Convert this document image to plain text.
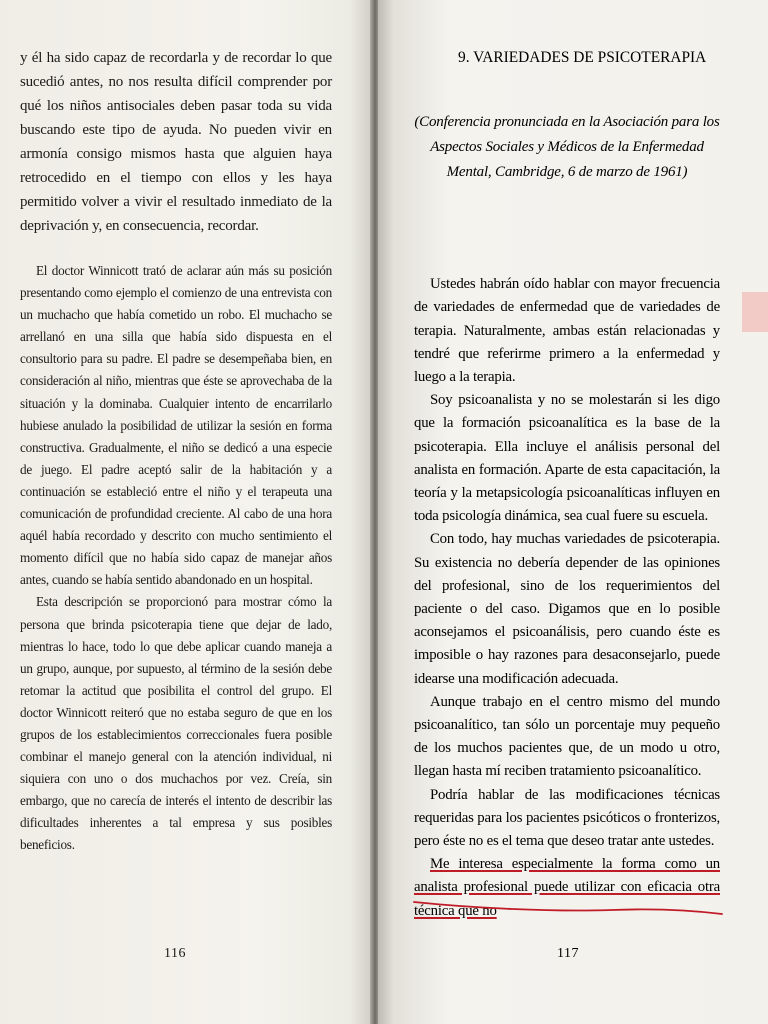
y él ha sido capaz de recordarla y de recordar lo que sucedió antes, no nos resulta difícil comprender por qué los niños antisociales deben pasar toda su vida buscando este tipo de ayuda. No pueden vivir en armonía consigo mismos hasta que alguien haya retrocedido en el tiempo con ellos y les haya permitido volver a vivir el resultado inmediato de la deprivación y, en consecuencia, recordar.

El doctor Winnicott trató de aclarar aún más su posición presentando como ejemplo el comienzo de una entrevista con un muchacho que había cometido un robo. El muchacho se arrellanó en una silla que había sido dispuesta en el consultorio para su padre. El padre se desempeñaba bien, en consideración al niño, mientras que éste se aprovechaba de la situación y la dominaba. Cualquier intento de encarrilarlo hubiese anulado la posibilidad de utilizar la sesión en forma constructiva. Gradualmente, el niño se dedicó a una especie de juego. El padre aceptó salir de la habitación y a continuación se estableció entre el niño y el terapeuta una comunicación de profundidad creciente. Al cabo de una hora aquél había recordado y descrito con mucho sentimiento el momento difícil que no había sido capaz de manejar años antes, cuando se había sentido abandonado en un hospital.

Esta descripción se proporcionó para mostrar cómo la persona que brinda psicoterapia tiene que dejar de lado, mientras lo hace, todo lo que debe aplicar cuando maneja a un grupo, aunque, por supuesto, al término de la sesión debe retomar la actitud que posibilita el control del grupo. El doctor Winnicott reiteró que no estaba seguro de que en los grupos de los establecimientos correccionales fuera posible combinar el manejo general con la atención individual, ni siquiera con uno o dos muchachos por vez. Creía, sin embargo, que no carecía de interés el intento de describir las dificultades inherentes a tal empresa y sus posibles beneficios.

116
9. VARIEDADES DE PSICOTERAPIA

(Conferencia pronunciada en la Asociación para los Aspectos Sociales y Médicos de la Enfermedad Mental, Cambridge, 6 de marzo de 1961)

Ustedes habrán oído hablar con mayor frecuencia de variedades de enfermedad que de variedades de terapia. Naturalmente, ambas están relacionadas y tendré que referirme primero a la enfermedad y luego a la terapia.

Soy psicoanalista y no se molestarán si les digo que la formación psicoanalítica es la base de la psicoterapia. Ella incluye el análisis personal del analista en formación. Aparte de esta capacitación, la teoría y la metapsicología psicoanalíticas influyen en toda psicología dinámica, sea cual fuere su escuela.

Con todo, hay muchas variedades de psicoterapia. Su existencia no debería depender de las opiniones del profesional, sino de los requerimientos del paciente o del caso. Digamos que en lo posible aconsejamos el psicoanálisis, pero cuando éste es imposible o hay razones para desaconsejarlo, puede idearse una modificación adecuada.

Aunque trabajo en el centro mismo del mundo psicoanalítico, tan sólo un porcentaje muy pequeño de los muchos pacientes que, de un modo u otro, llegan hasta mí reciben tratamiento psicoanalítico.

Podría hablar de las modificaciones técnicas requeridas para los pacientes psicóticos o fronterizos, pero éste no es el tema que deseo tratar ante ustedes.

Me interesa especialmente la forma como un analista profesional puede utilizar con eficacia otra técnica que no

117
